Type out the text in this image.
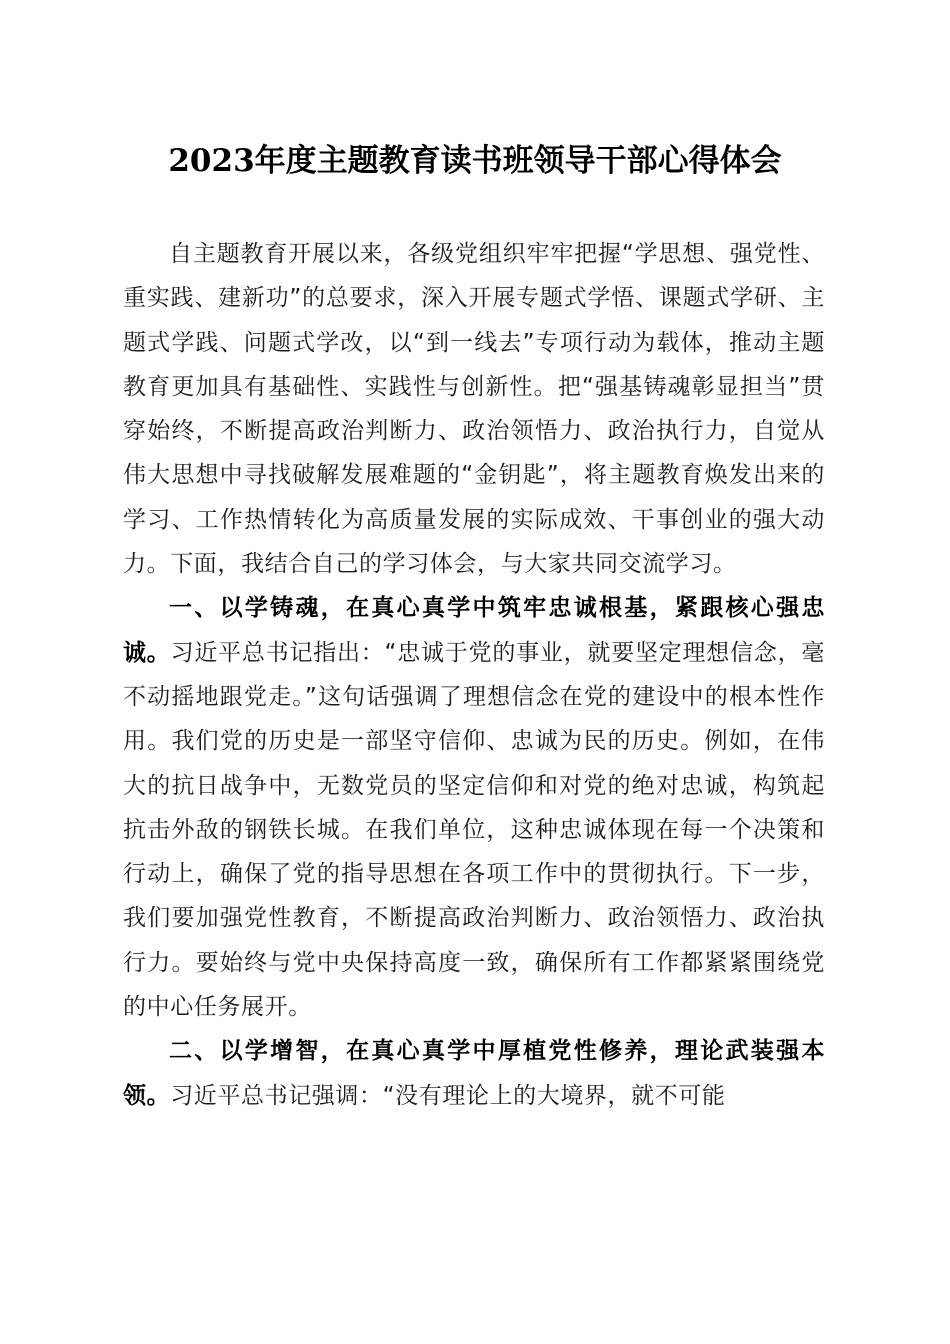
2023年度主题教育读书班领导干部心得体会

自主题教育开展以来，各级党组织牢牢把握“学思想、强党性、重实践、建新功”的总要求，深入开展专题式学悟、课题式学研、主题式学践、问题式学改，以“到一线去”专项行动为载体，推动主题教育更加具有基础性、实践性与创新性。把“强基铸魂彰显担当”贯穿始终，不断提高政治判断力、政治领悟力、政治执行力，自觉从伟大思想中寻找破解发展难题的“金钥匙”，将主题教育焕发出来的学习、工作热情转化为高质量发展的实际成效、干事创业的强大动力。下面，我结合自己的学习体会，与大家共同交流学习。

一、以学铸魂，在真心真学中筑牢忠诚根基，紧跟核心强忠诚。习近平总书记指出：“忠诚于党的事业，就要坚定理想信念，毫不动摇地跟党走。”这句话强调了理想信念在党的建设中的根本性作用。我们党的历史是一部坚守信仰、忠诚为民的历史。例如，在伟大的抗日战争中，无数党员的坚定信仰和对党的绝对忠诚，构筑起抗击外敌的钢铁长城。在我们单位，这种忠诚体现在每一个决策和行动上，确保了党的指导思想在各项工作中的贯彻执行。下一步，我们要加强党性教育，不断提高政治判断力、政治领悟力、政治执行力。要始终与党中央保持高度一致，确保所有工作都紧紧围绕党的中心任务展开。

二、以学增智，在真心真学中厚植党性修养，理论武装强本领。习近平总书记强调：“没有理论上的大境界，就不可能
